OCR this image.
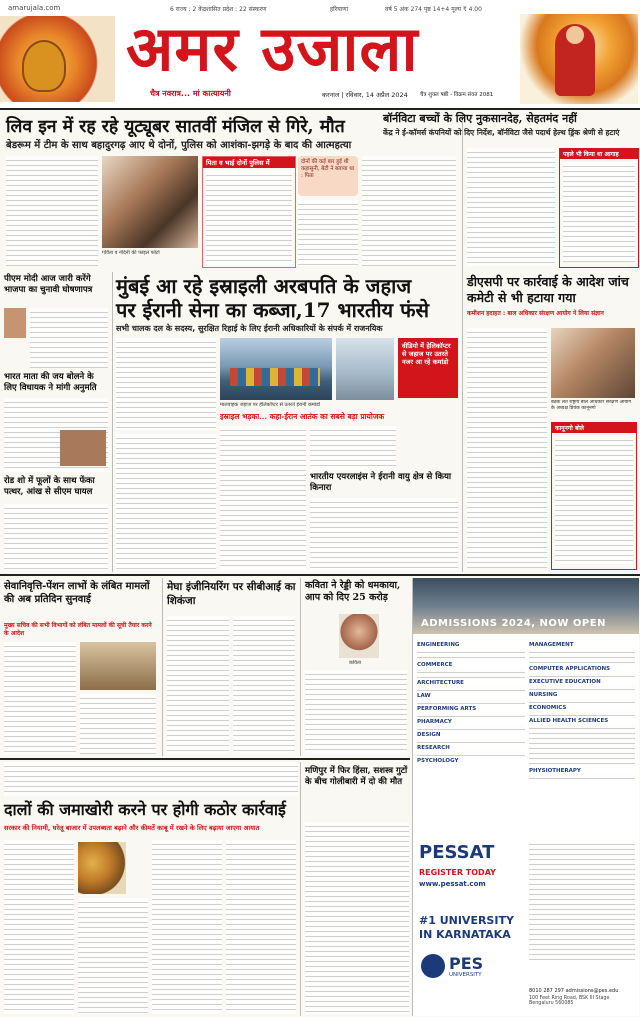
amarujala.com	6 राज्य : 2 केंद्रशासित प्रदेश : 22 संस्करण	हरियाणा	वर्ष 5 अंक 274 पृष्ठ 14+4 मूल्य ₹ 4.00
अमर उजाला
चैत्र नवरात्र... मां कात्यायनी	करनाल | रविवार, 14 अप्रैल 2024 चैत्र शुक्ल षष्ठी - विक्रम संवत 2081
लिव इन में रह रहे यूट्यूबर सातवीं मंजिल से गिरे, मौत
बेडरूम में टीम के साथ बहादुरगढ़ आए थे दोनों, पुलिस को आशंका-झगड़े के बाद की आत्महत्या
गर्विता व नंदिनी की फाइल फोटो
पिता व भाई दोनों पुलिस में	दोनों की कई बार हुई थी कहासुनी, बेटी ने बताया था : पिता
बॉर्नविटा बच्चों के लिए नुकसानदेह, सेहतमंद नहीं
केंद्र ने ई-कॉमर्स कंपनियों को दिए निर्देश, बॉर्नविटा जैसे पदार्थ हेल्थ ड्रिंक श्रेणी से हटाएं
पहले भी किया था आगाह
पीएम मोदी आज जारी करेंगे भाजपा का चुनावी घोषणापत्र
भारत माता की जय बोलने के लिए विधायक ने मांगी अनुमति
रोड शो में फूलों के साथ फेंका पत्थर, आंख से सीएम घायल
मुंबई आ रहे इस्राइली अरबपति के जहाज
पर ईरानी सेना का कब्जा,17 भारतीय फंसे
सभी चालक दल के सदस्य, सुरक्षित रिहाई के लिए ईरानी अधिकारियों के संपर्क में राजनयिक
मालवाहक जहाज पर हेलिकॉप्टर से उतरते ईरानी कमांडो
वीडियो में हेलिकॉप्टर से जहाज पर उतरते नजर आ रहे कमांडो
इस्राइल भड़का... कहा-ईरान आतंक का सबसे बड़ा प्रायोजक
भारतीय एयरलाइंस ने ईरानी वायु क्षेत्र से किया किनारा
डीएसपी पर कार्रवाई के आदेश जांच कमेटी से भी हटाया गया
कमीशन हदाहत : बाल अधिकार संरक्षण आयोग ने लिया संज्ञान
बैठक लेते राष्ट्रीय बाल अधिकार संरक्षण आयोग के अध्यक्ष प्रियंक कानूनगो
कानूनगो बोले
सेवानिवृत्ति-पेंशन लाभों के लंबित मामलों की अब प्रतिदिन सुनवाई
मुख्य सचिव की सभी विभागों को लंबित मामलों की सूची तैयार करने के आदेश
मेघा इंजीनियरिंग पर सीबीआई का शिकंजा
कविता ने रेड्डी को धमकाया, आप को दिए 25 करोड़
कविता
ADMISSIONS 2024, NOW OPEN
ENGINEERING
COMMERCE
ARCHITECTURE
LAW
PERFORMING ARTS
PHARMACY
DESIGN
RESEARCH
PSYCHOLOGY
MANAGEMENT
COMPUTER APPLICATIONS
EXECUTIVE EDUCATION
NURSING
ECONOMICS
ALLIED HEALTH SCIENCES
PHYSIOTHERAPY
PESSAT
REGISTER TODAY
www.pessat.com
#1 UNIVERSITY
IN KARNATAKA
PES
UNIVERSITY
8010 287 297 admissions@pes.edu
100 Feet Ring Road, BSK III Stage Bengaluru 560085
दालों की जमाखोरी करने पर होगी कठोर कार्रवाई
सरकार की नियामी, घरेलू बाजार में उपलब्धता बढ़ाने और कीमतें काबू में रखने के लिए बढ़ाया जाएगा आयात
मणिपुर में फिर हिंसा, सशस्त्र गुटों के बीच गोलीबारी में दो की मौत
